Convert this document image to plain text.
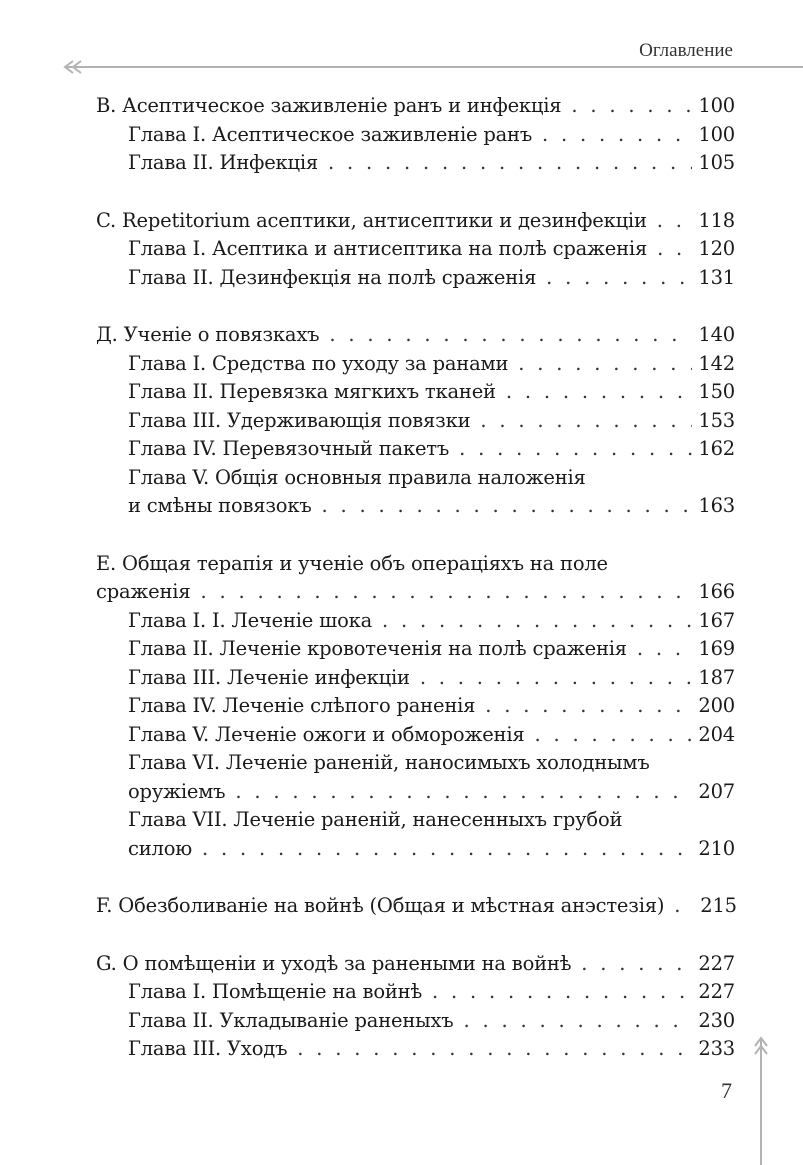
Оглавление
B. Асептическое заживленіе ранъ и инфекція . . .	100
Глава I. Асептическое заживленіе ранъ . . .	100
Глава II. Инфекція . . .	105
C. Repetitorium асептики, антисептики и дезинфекціи . . .	118
Глава I. Асептика и антисептика на полѣ сраженія . . .	120
Глава II. Дезинфекція на полѣ сраженія . . .	131
Д. Ученіе о повязкахъ . . .	140
Глава I. Средства по уходу за ранами . . .	142
Глава II. Перевязка мягкихъ тканей . . .	150
Глава III. Удерживающія повязки . . .	153
Глава IV. Перевязочный пакетъ . . .	162
Глава V. Общія основныя правила наложенія
и смѣны повязокъ . . .	163
E. Общая терапія и ученіе объ операціяхъ на поле
сраженія . . .	166
Глава I. I. Леченіе шока . . .	167
Глава II. Леченіе кровотеченія на полѣ сраженія . . .	169
Глава III. Леченіе инфекціи . . .	187
Глава IV. Леченіе слѣпого раненія . . .	200
Глава V. Леченіе ожоги и обмороженія . . .	204
Глава VI. Леченіе раненій, наносимыхъ холоднымъ
оружіемъ . . .	207
Глава VII. Леченіе раненій, нанесенныхъ грубой
силою . . .	210
F. Обезболиваніе на войнѣ (Общая и мѣстная анэстезія) . . . 215
G. О помѣщеніи и уходѣ за ранеными на войнѣ . . .	227
Глава I. Помѣщеніе на войнѣ . . .	227
Глава II. Укладываніе раненыхъ . . .	230
Глава III. Уходъ . . .	233
7
